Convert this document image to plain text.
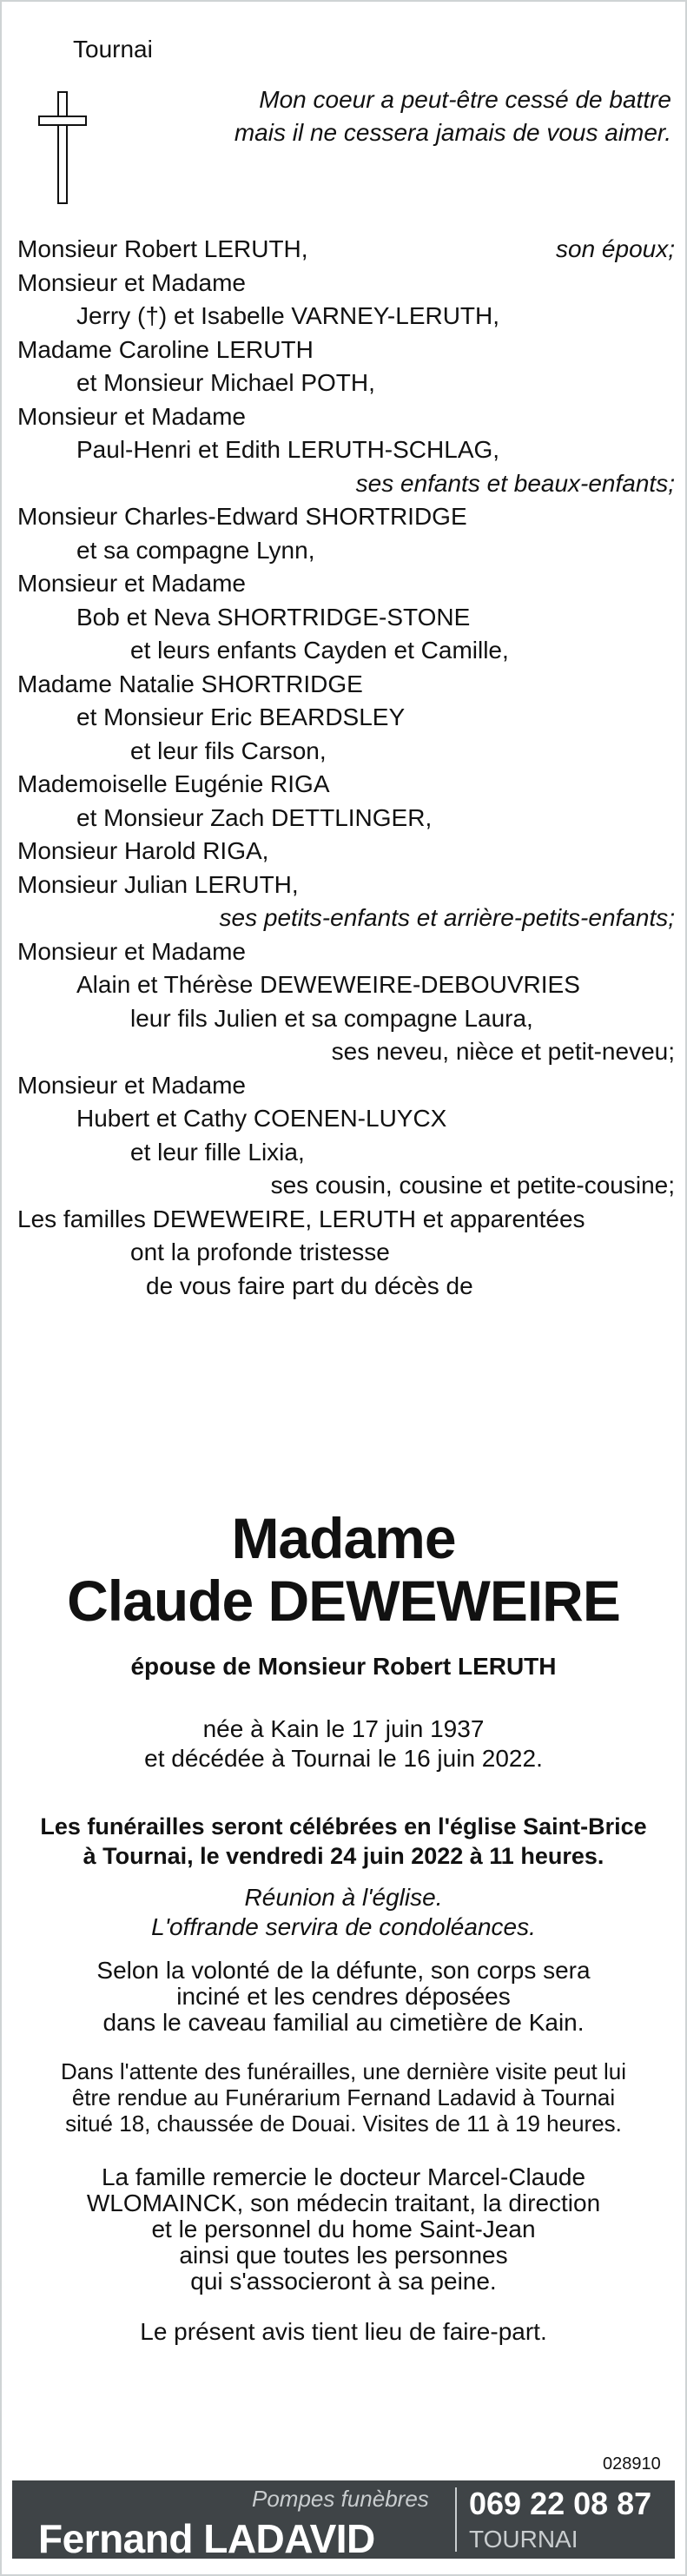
Tournai
Mon coeur a peut-être cessé de battre
mais il ne cessera jamais de vous aimer.
Monsieur Robert LERUTH,	son époux;
Monsieur et Madame
Jerry (†) et Isabelle VARNEY-LERUTH,
Madame Caroline LERUTH
et Monsieur Michael POTH,
Monsieur et Madame
Paul-Henri et Edith LERUTH-SCHLAG,
ses enfants et beaux-enfants;
Monsieur Charles-Edward SHORTRIDGE
et sa compagne Lynn,
Monsieur et Madame
Bob et Neva SHORTRIDGE-STONE
et leurs enfants Cayden et Camille,
Madame Natalie SHORTRIDGE
et Monsieur Eric BEARDSLEY
et leur fils Carson,
Mademoiselle Eugénie RIGA
et Monsieur Zach DETTLINGER,
Monsieur Harold RIGA,
Monsieur Julian LERUTH,
ses petits-enfants et arrière-petits-enfants;
Monsieur et Madame
Alain et Thérèse DEWEWEIRE-DEBOUVRIES
leur fils Julien et sa compagne Laura,
ses neveu, nièce et petit-neveu;
Monsieur et Madame
Hubert et Cathy COENEN-LUYCX
et leur fille Lixia,
ses cousin, cousine et petite-cousine;
Les familles DEWEWEIRE, LERUTH et apparentées
ont la profonde tristesse
de vous faire part du décès de
Madame
Claude DEWEWEIRE
épouse de Monsieur Robert LERUTH
née à Kain le 17 juin 1937
et décédée à Tournai le 16 juin 2022.
Les funérailles seront célébrées en l'église Saint-Brice
à Tournai, le vendredi 24 juin 2022 à 11 heures.
Réunion à l'église.
L'offrande servira de condoléances.
Selon la volonté de la défunte, son corps sera
inciné et les cendres déposées
dans le caveau familial au cimetière de Kain.
Dans l'attente des funérailles, une dernière visite peut lui
être rendue au Funérarium Fernand Ladavid à Tournai
situé 18, chaussée de Douai. Visites de 11 à 19 heures.
La famille remercie le docteur Marcel-Claude
WLOMAINCK, son médecin traitant, la direction
et le personnel du home Saint-Jean
ainsi que toutes les personnes
qui s'associeront à sa peine.
Le présent avis tient lieu de faire-part.
028910
Pompes funèbres
Fernand LADAVID
069 22 08 87
TOURNAI
